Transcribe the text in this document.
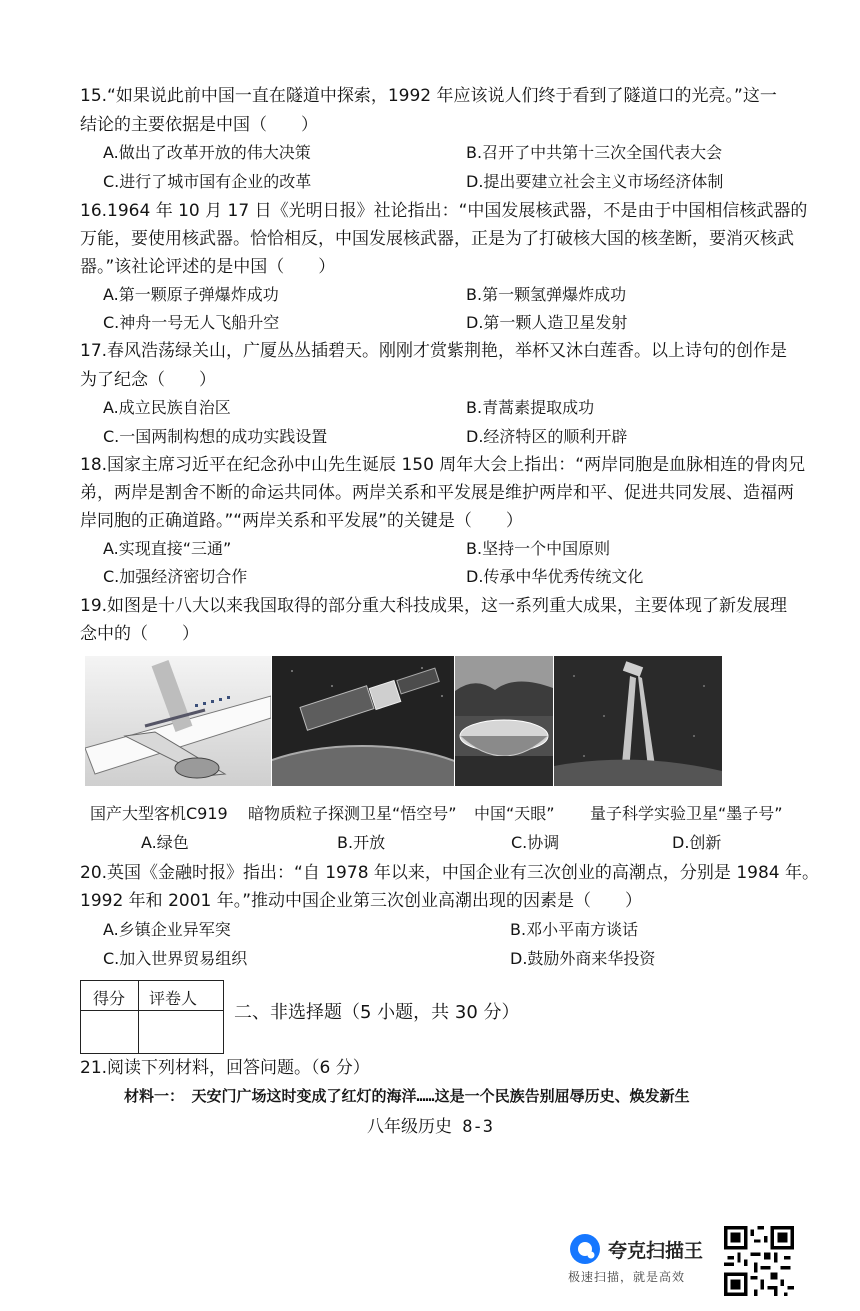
15.“如果说此前中国一直在隧道中探索，1992 年应该说人们终于看到了隧道口的光亮。”这一
结论的主要依据是中国（　　）
A.做出了改革开放的伟大决策	B.召开了中共第十三次全国代表大会
C.进行了城市国有企业的改革	D.提出要建立社会主义市场经济体制
16.1964 年 10 月 17 日《光明日报》社论指出：“中国发展核武器，不是由于中国相信核武器的
万能，要使用核武器。恰恰相反，中国发展核武器，正是为了打破核大国的核垄断，要消灭核武
器。”该社论评述的是中国（　　）
A.第一颗原子弹爆炸成功	B.第一颗氢弹爆炸成功
C.神舟一号无人飞船升空	D.第一颗人造卫星发射
17.春风浩荡绿关山，广厦丛丛插碧天。刚刚才赏紫荆艳，举杯又沐白莲香。以上诗句的创作是
为了纪念（　　）
A.成立民族自治区	B.青蒿素提取成功
C.一国两制构想的成功实践设置	D.经济特区的顺利开辟
18.国家主席习近平在纪念孙中山先生诞辰 150 周年大会上指出：“两岸同胞是血脉相连的骨肉兄
弟，两岸是割舍不断的命运共同体。两岸关系和平发展是维护两岸和平、促进共同发展、造福两
岸同胞的正确道路。”“两岸关系和平发展”的关键是（　　）
A.实现直接“三通”	B.坚持一个中国原则
C.加强经济密切合作	D.传承中华优秀传统文化
19.如图是十八大以来我国取得的部分重大科技成果，这一系列重大成果，主要体现了新发展理
念中的（　　）
国产大型客机C919 暗物质粒子探测卫星“悟空号” 中国“天眼” 量子科学实验卫星“墨子号”
A.绿色	B.开放	C.协调	D.创新
20.英国《金融时报》指出：“自 1978 年以来，中国企业有三次创业的高潮点，分别是 1984 年。
1992 年和 2001 年。”推动中国企业第三次创业高潮出现的因素是（　　）
A.乡镇企业异军突	B.邓小平南方谈话
C.加入世界贸易组织	D.鼓励外商来华投资
得分 评卷人
二、非选择题（5 小题，共 30 分）
21.阅读下列材料，回答问题。（6 分）
材料一：　天安门广场这时变成了红灯的海洋……这是一个民族告别屈辱历史、焕发新生
八年级历史 8-3
夸克扫描王
极速扫描，就是高效
